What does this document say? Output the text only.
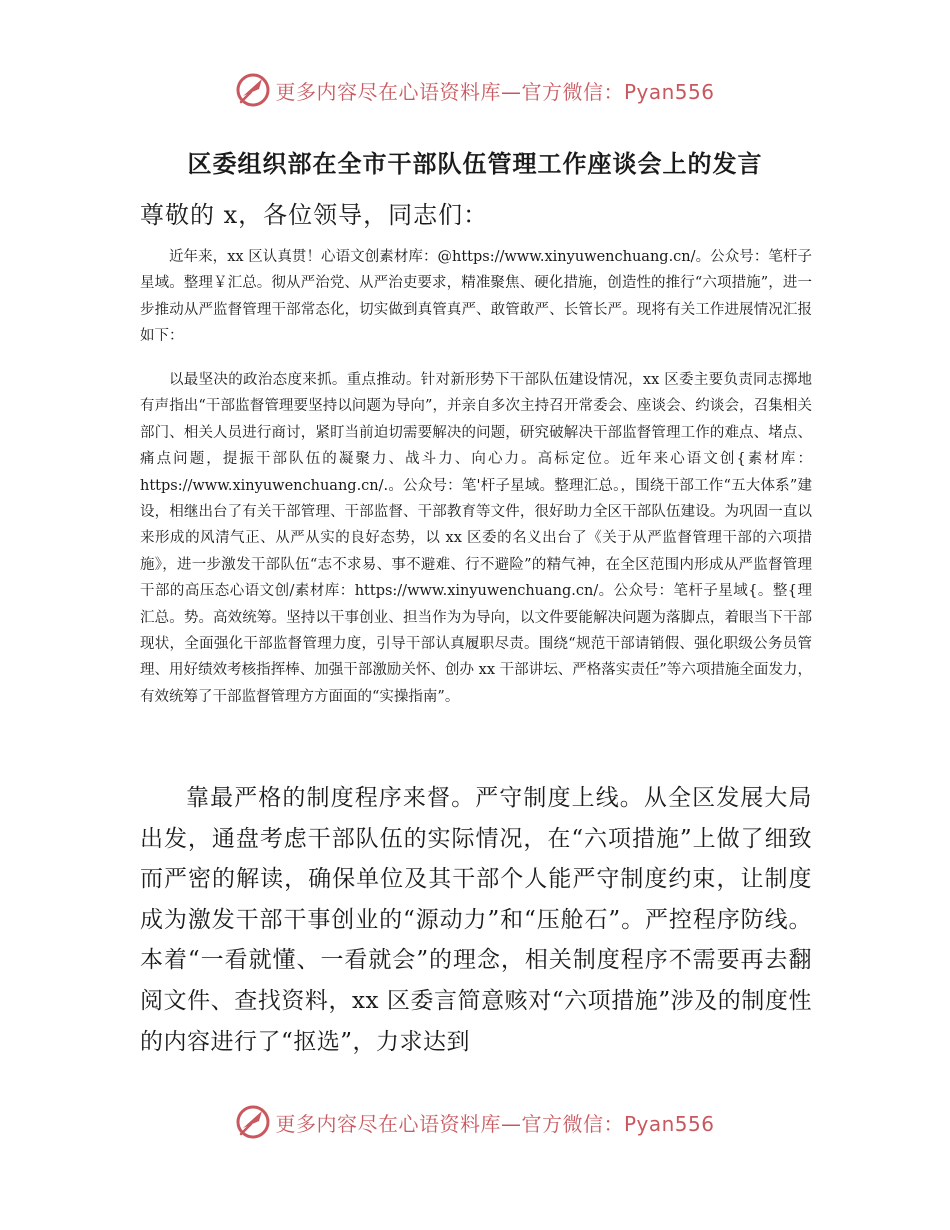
更多内容尽在心语资料库—官方微信：Pyan556
区委组织部在全市干部队伍管理工作座谈会上的发言

尊敬的 x，各位领导，同志们：

近年来，xx 区认真贯！心语文创素材库：@https://www.xinyuwenchuang.cn/。公众号：笔杆子星域。整理￥汇总。彻从严治党、从严治吏要求，精准聚焦、硬化措施，创造性的推行“六项措施”，进一步推动从严监督管理干部常态化，切实做到真管真严、敢管敢严、长管长严。现将有关工作进展情况汇报如下：

以最坚决的政治态度来抓。重点推动。针对新形势下干部队伍建设情况，xx 区委主要负责同志掷地有声指出“干部监督管理要坚持以问题为导向”，并亲自多次主持召开常委会、座谈会、约谈会，召集相关部门、相关人员进行商讨，紧盯当前迫切需要解决的问题，研究破解决干部监督管理工作的难点、堵点、痛点问题，提振干部队伍的凝聚力、战斗力、向心力。高标定位。近年来心语文创{素材库：https://www.xinyuwenchuang.cn/.。公众号：笔'杆子星域。整理汇总。，围绕干部工作“五大体系”建设，相继出台了有关干部管理、干部监督、干部教育等文件，很好助力全区干部队伍建设。为巩固一直以来形成的风清气正、从严从实的良好态势，以 xx 区委的名义出台了《关于从严监督管理干部的六项措施》，进一步激发干部队伍“志不求易、事不避难、行不避险”的精气神，在全区范围内形成从严监督管理干部的高压态心语文创/素材库：https://www.xinyuwenchuang.cn/。公众号：笔杆子星域{。整{理汇总。势。高效统筹。坚持以干事创业、担当作为为导向，以文件要能解决问题为落脚点，着眼当下干部现状，全面强化干部监督管理力度，引导干部认真履职尽责。围绕“规范干部请销假、强化职级公务员管理、用好绩效考核指挥棒、加强干部激励关怀、创办 xx 干部讲坛、严格落实责任”等六项措施全面发力，有效统筹了干部监督管理方方面面的“实操指南”。

靠最严格的制度程序来督。严守制度上线。从全区发展大局出发，通盘考虑干部队伍的实际情况，在“六项措施”上做了细致而严密的解读，确保单位及其干部个人能严守制度约束，让制度成为激发干部干事创业的“源动力”和“压舱石”。严控程序防线。本着“一看就懂、一看就会”的理念，相关制度程序不需要再去翻阅文件、查找资料，xx 区委言简意赅对“六项措施”涉及的制度性的内容进行了“抠选”，力求达到

更多内容尽在心语资料库—官方微信：Pyan556
